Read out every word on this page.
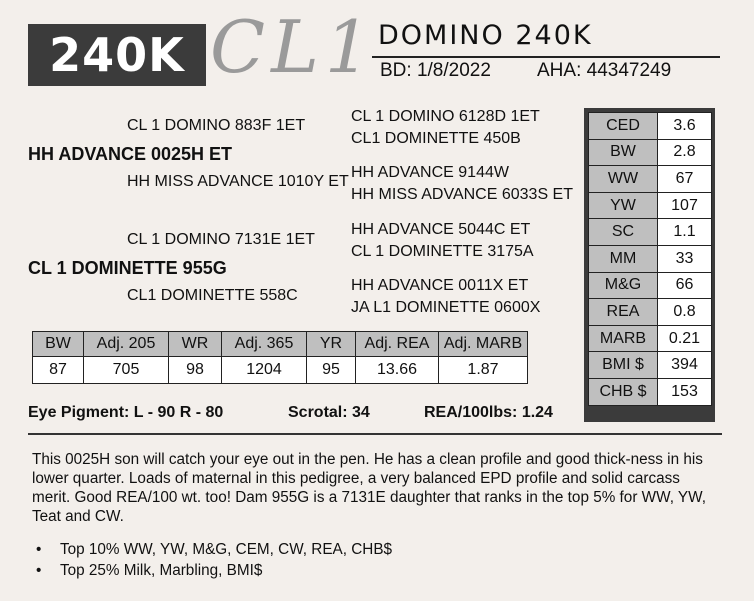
240K CL1 DOMINO 240K
BD: 1/8/2022 AHA: 44347249
CL 1 DOMINO 883F 1ET
HH ADVANCE 0025H ET
HH MISS ADVANCE 1010Y ET
CL 1 DOMINO 6128D 1ET
CL1 DOMINETTE 450B
HH ADVANCE 9144W
HH MISS ADVANCE 6033S ET
CL 1 DOMINO 7131E 1ET
CL 1 DOMINETTE 955G
CL1 DOMINETTE 558C
HH ADVANCE 5044C ET
CL 1 DOMINETTE 3175A
HH ADVANCE 0011X ET
JA L1 DOMINETTE 0600X
BW	Adj. 205	WR	Adj. 365	YR	Adj. REA	Adj. MARB
87	705	98	1204	95	13.66	1.87
CED	3.6
BW	2.8
WW	67
YW	107
SC	1.1
MM	33
M&G	66
REA	0.8
MARB	0.21
BMI $	394
CHB $	153
Eye Pigment: L - 90 R - 80	Scrotal: 34	REA/100lbs: 1.24
This 0025H son will catch your eye out in the pen. He has a clean profile and good thick-ness in his lower quarter. Loads of maternal in this pedigree, a very balanced EPD profile and solid carcass merit. Good REA/100 wt. too! Dam 955G is a 7131E daughter that ranks in the top 5% for WW, YW, Teat and CW.
• Top 10% WW, YW, M&G, CEM, CW, REA, CHB$
• Top 25% Milk, Marbling, BMI$
